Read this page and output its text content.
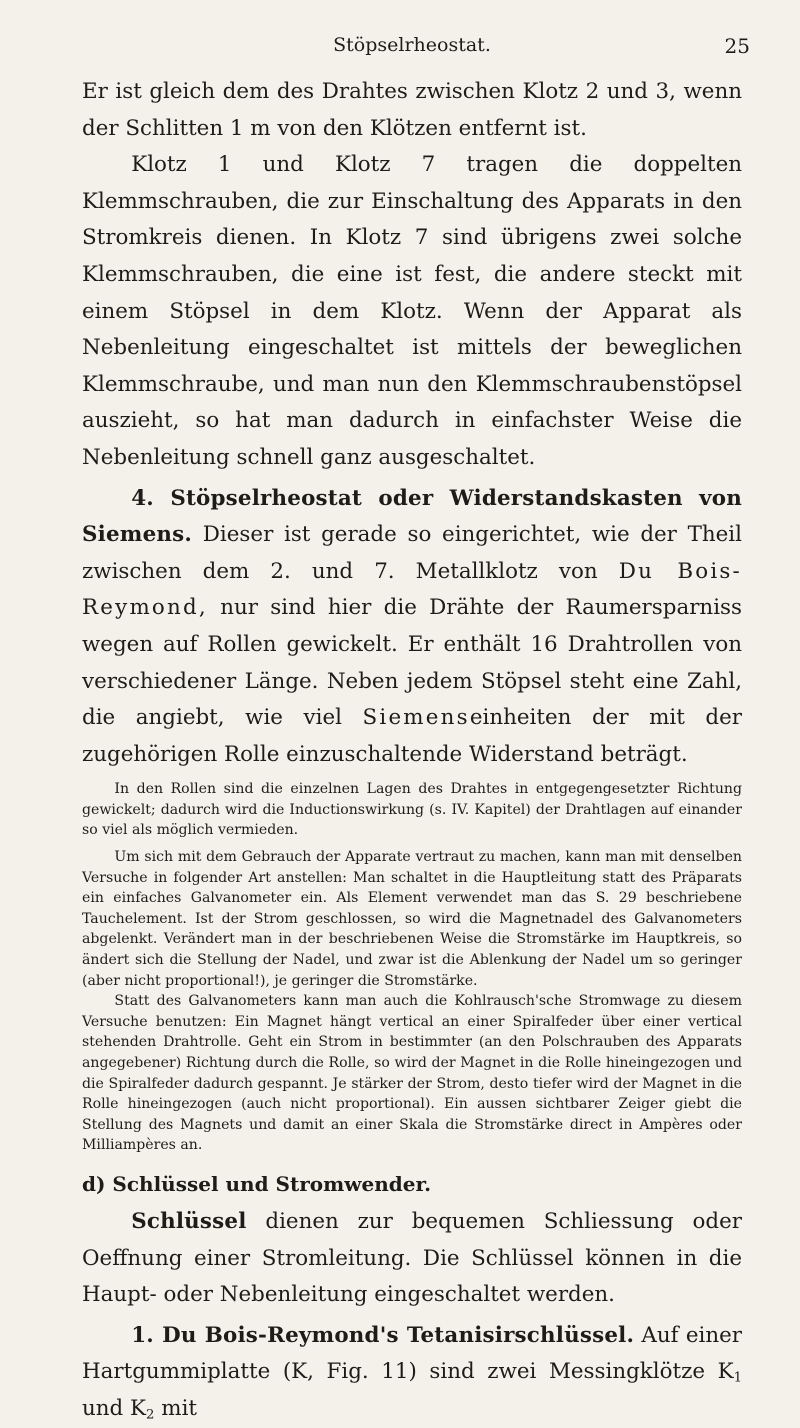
Stöpselrheostat.	25

Er ist gleich dem des Drahtes zwischen Klotz 2 und 3, wenn der Schlitten 1 m von den Klötzen entfernt ist.

Klotz 1 und Klotz 7 tragen die doppelten Klemmschrauben, die zur Einschaltung des Apparats in den Stromkreis dienen. In Klotz 7 sind übrigens zwei solche Klemmschrauben, die eine ist fest, die andere steckt mit einem Stöpsel in dem Klotz. Wenn der Apparat als Nebenleitung eingeschaltet ist mittels der beweglichen Klemmschraube, und man nun den Klemmschraubenstöpsel auszieht, so hat man dadurch in einfachster Weise die Nebenleitung schnell ganz ausgeschaltet.

4. Stöpselrheostat oder Widerstandskasten von Siemens. Dieser ist gerade so eingerichtet, wie der Theil zwischen dem 2. und 7. Metallklotz von Du Bois-Reymond, nur sind hier die Drähte der Raumersparniss wegen auf Rollen gewickelt. Er enthält 16 Drahtrollen von verschiedener Länge. Neben jedem Stöpsel steht eine Zahl, die angiebt, wie viel Siemenseinheiten der mit der zugehörigen Rolle einzuschaltende Widerstand beträgt.

In den Rollen sind die einzelnen Lagen des Drahtes in entgegengesetzter Richtung gewickelt; dadurch wird die Inductionswirkung (s. IV. Kapitel) der Drahtlagen auf einander so viel als möglich vermieden.

Um sich mit dem Gebrauch der Apparate vertraut zu machen, kann man mit denselben Versuche in folgender Art anstellen: Man schaltet in die Hauptleitung statt des Präparats ein einfaches Galvanometer ein. Als Element verwendet man das S. 29 beschriebene Tauchelement. Ist der Strom geschlossen, so wird die Magnetnadel des Galvanometers abgelenkt. Verändert man in der beschriebenen Weise die Stromstärke im Hauptkreis, so ändert sich die Stellung der Nadel, und zwar ist die Ablenkung der Nadel um so geringer (aber nicht proportional!), je geringer die Stromstärke.

Statt des Galvanometers kann man auch die Kohlrausch'sche Stromwage zu diesem Versuche benutzen: Ein Magnet hängt vertical an einer Spiralfeder über einer vertical stehenden Drahtrolle. Geht ein Strom in bestimmter (an den Polschrauben des Apparats angegebener) Richtung durch die Rolle, so wird der Magnet in die Rolle hineingezogen und die Spiralfeder dadurch gespannt. Je stärker der Strom, desto tiefer wird der Magnet in die Rolle hineingezogen (auch nicht proportional). Ein aussen sichtbarer Zeiger giebt die Stellung des Magnets und damit an einer Skala die Stromstärke direct in Ampères oder Milliampères an.

d) Schlüssel und Stromwender.

Schlüssel dienen zur bequemen Schliessung oder Oeffnung einer Stromleitung. Die Schlüssel können in die Haupt- oder Nebenleitung eingeschaltet werden.

1. Du Bois-Reymond's Tetanisirschlüssel. Auf einer Hartgummiplatte (K, Fig. 11) sind zwei Messingklötze $K_1$ und $K_2$ mit
